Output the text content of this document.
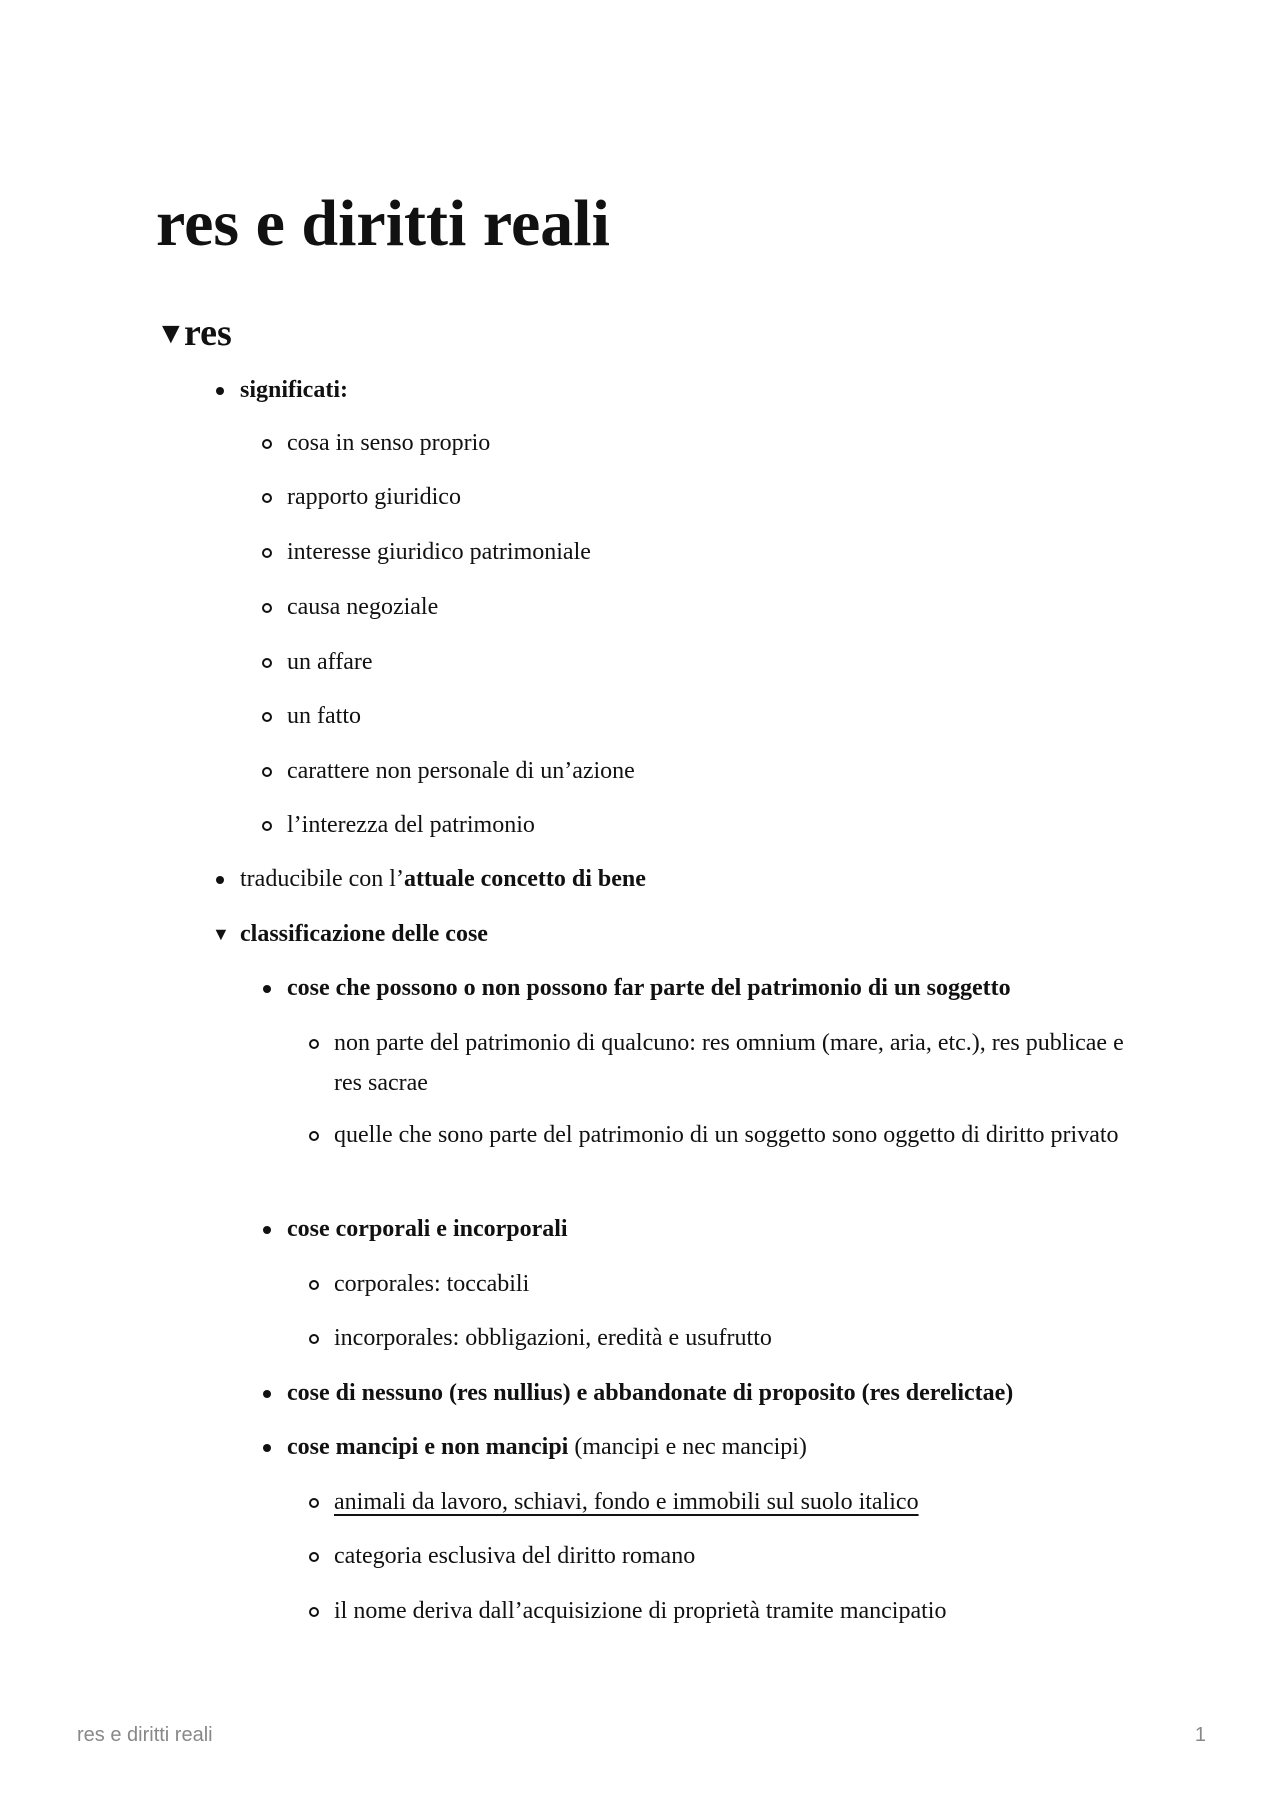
res e diritti reali
▼res
significati:
cosa in senso proprio
rapporto giuridico
interesse giuridico patrimoniale
causa negoziale
un affare
un fatto
carattere non personale di un’azione
l’interezza del patrimonio
traducibile con l’attuale concetto di bene
▼ classificazione delle cose
cose che possono o non possono far parte del patrimonio di un soggetto
non parte del patrimonio di qualcuno: res omnium (mare, aria, etc.), res publicae e res sacrae
quelle che sono parte del patrimonio di un soggetto sono oggetto di diritto privato
cose corporali e incorporali
corporales: toccabili
incorporales: obbligazioni, eredità e usufrutto
cose di nessuno (res nullius) e abbandonate di proposito (res derelictae)
cose mancipi e non mancipi (mancipi e nec mancipi)
animali da lavoro, schiavi, fondo e immobili sul suolo italico
categoria esclusiva del diritto romano
il nome deriva dall’acquisizione di proprietà tramite mancipatio
res e diritti reali	1
